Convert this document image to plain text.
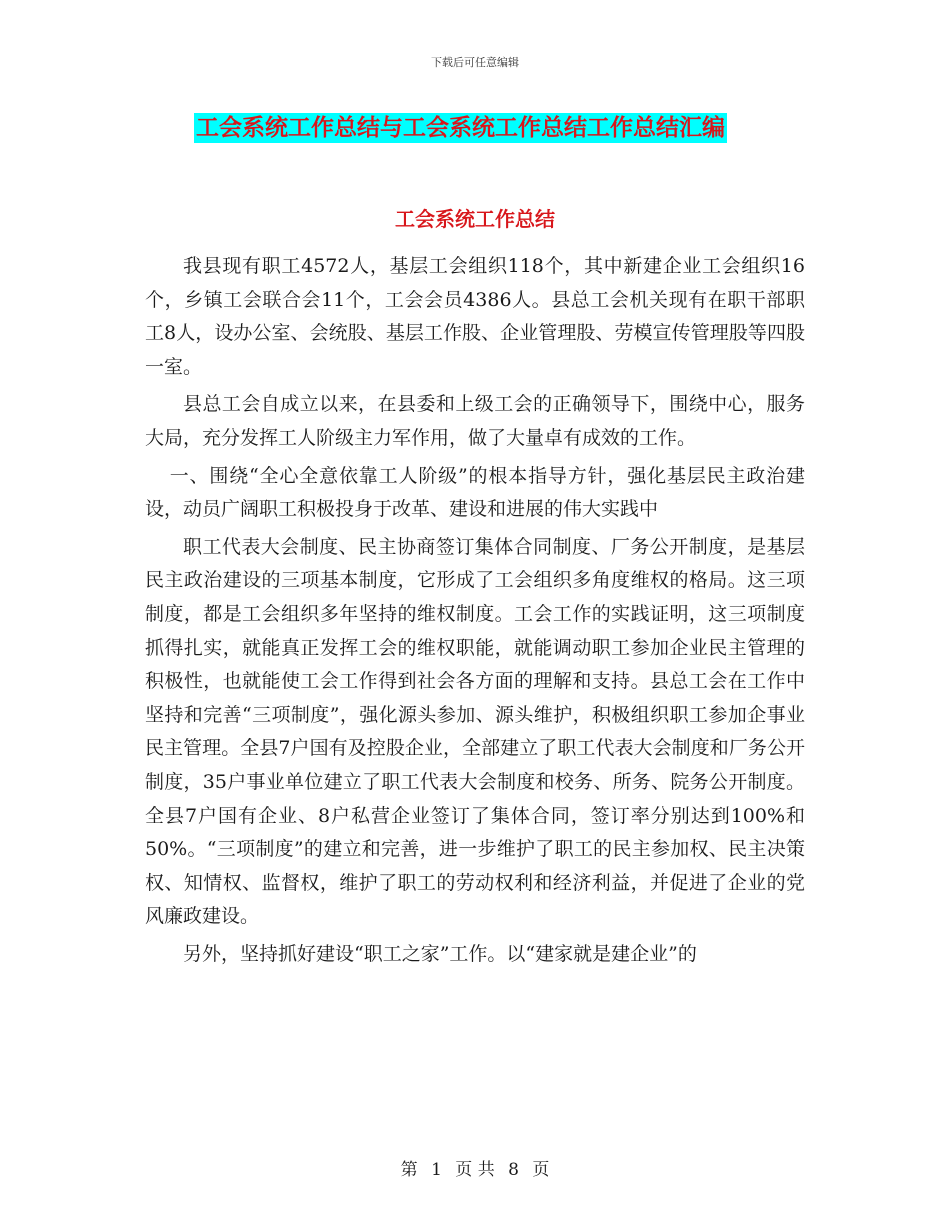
下载后可任意编辑
工会系统工作总结与工会系统工作总结工作总结汇编
工会系统工作总结

我县现有职工4572人，基层工会组织118个，其中新建企业工会组织16个，乡镇工会联合会11个，工会会员4386人。县总工会机关现有在职干部职工8人，设办公室、会统股、基层工作股、企业管理股、劳模宣传管理股等四股一室。

县总工会自成立以来，在县委和上级工会的正确领导下，围绕中心，服务大局，充分发挥工人阶级主力军作用，做了大量卓有成效的工作。

一、围绕“全心全意依靠工人阶级”的根本指导方针，强化基层民主政治建设，动员广阔职工积极投身于改革、建设和进展的伟大实践中

职工代表大会制度、民主协商签订集体合同制度、厂务公开制度，是基层民主政治建设的三项基本制度，它形成了工会组织多角度维权的格局。这三项制度，都是工会组织多年坚持的维权制度。工会工作的实践证明，这三项制度抓得扎实，就能真正发挥工会的维权职能，就能调动职工参加企业民主管理的积极性，也就能使工会工作得到社会各方面的理解和支持。县总工会在工作中坚持和完善“三项制度”，强化源头参加、源头维护，积极组织职工参加企事业民主管理。全县7户国有及控股企业，全部建立了职工代表大会制度和厂务公开制度，35户事业单位建立了职工代表大会制度和校务、所务、院务公开制度。全县7户国有企业、8户私营企业签订了集体合同，签订率分别达到100%和50%。“三项制度”的建立和完善，进一步维护了职工的民主参加权、民主决策权、知情权、监督权，维护了职工的劳动权利和经济利益，并促进了企业的党风廉政建设。

另外，坚持抓好建设“职工之家”工作。以“建家就是建企业”的

第 1 页 共 8 页
